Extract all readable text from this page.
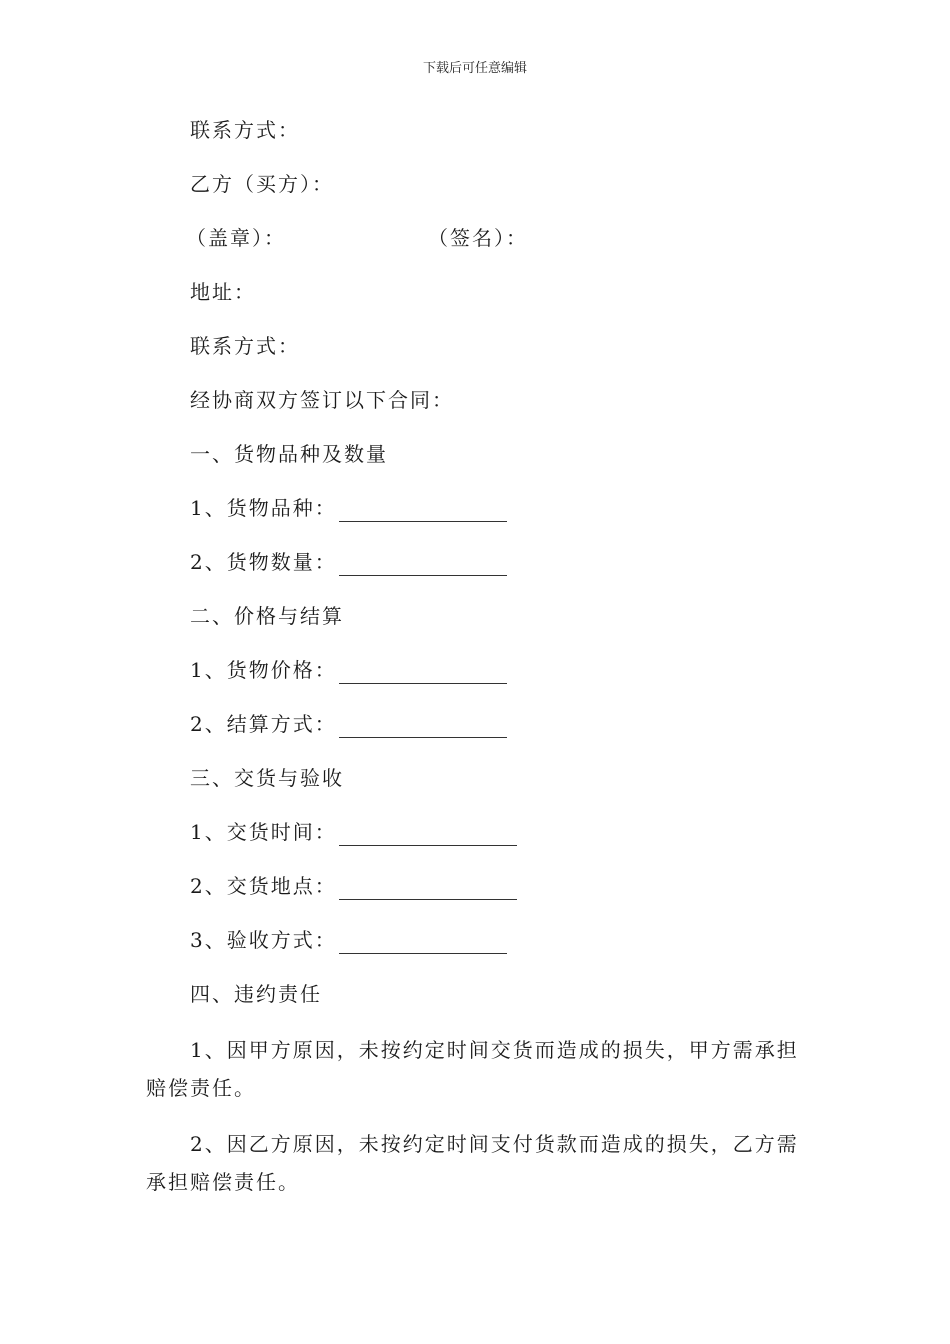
下载后可任意编辑
联系方式：
乙方（买方）：
（盖章）：	（签名）：
地址：
联系方式：
经协商双方签订以下合同：
一、货物品种及数量
1、货物品种：
2、货物数量：
二、价格与结算
1、货物价格：
2、结算方式：
三、交货与验收
1、交货时间：
2、交货地点：
3、验收方式：
四、违约责任
1、因甲方原因，未按约定时间交货而造成的损失，甲方需承担赔偿责任。
2、因乙方原因，未按约定时间支付货款而造成的损失，乙方需承担赔偿责任。
